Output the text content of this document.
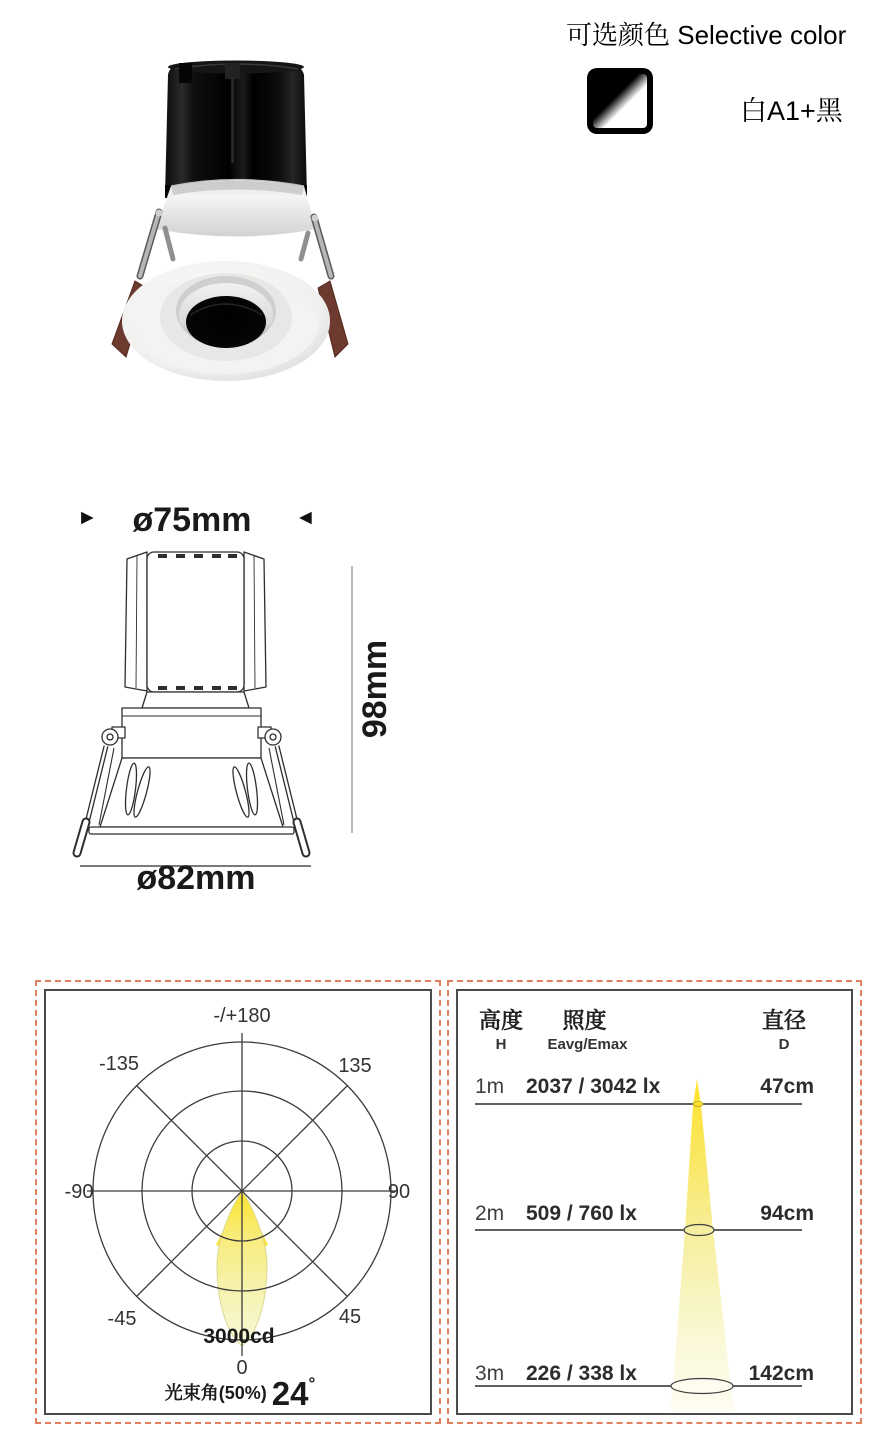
可选颜色 Selective color
白A1+黑
ø75mm
►	◄
98mm
ø82mm
-/+180
-135	135
-90	90
-45	45
3000cd
0
光束角(50%) 24 °
高度
H
照度
Eavg/Emax
直径
D
1m 2037 / 3042 lx	47cm
2m 509 / 760 lx	94cm
3m 226 / 338 lx	142cm
